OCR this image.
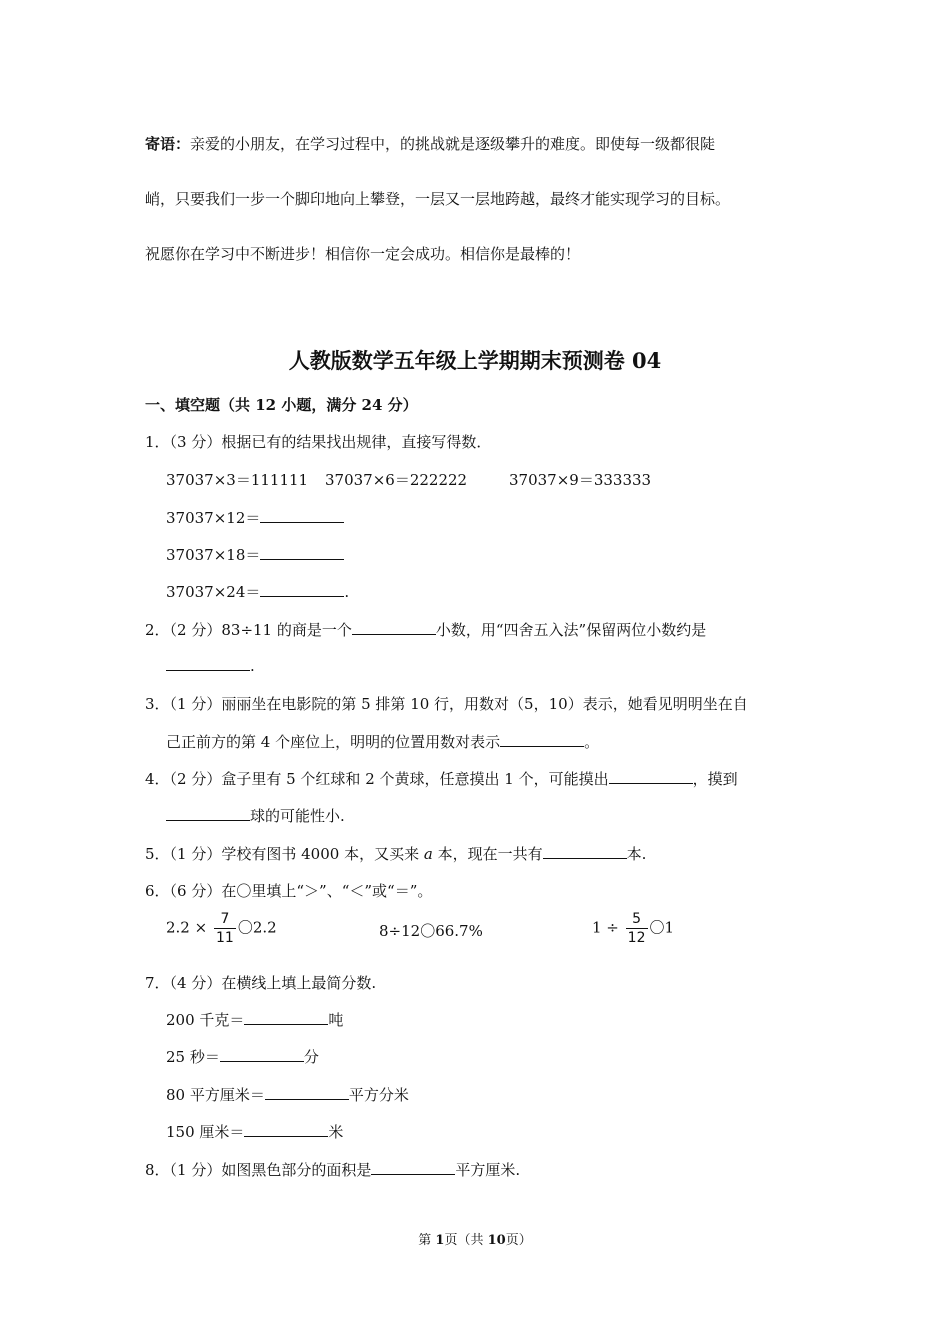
寄语：亲爱的小朋友，在学习过程中，的挑战就是逐级攀升的难度。即使每一级都很陡
峭，只要我们一步一个脚印地向上攀登，一层又一层地跨越，最终才能实现学习的目标。
祝愿你在学习中不断进步！相信你一定会成功。相信你是最棒的！
人教版数学五年级上学期期末预测卷 04
一、填空题（共 12 小题，满分 24 分）
1．（3 分）根据已有的结果找出规律，直接写得数．
37037×3＝111111 37037×6＝222222	37037×9＝333333
37037×12＝
37037×18＝
37037×24＝	.
2．（2 分）83÷11 的商是一个	小数，用“四舍五入法”保留两位小数约是
.
3．（1 分）丽丽坐在电影院的第 5 排第 10 行，用数对（5，10）表示，她看见明明坐在自
己正前方的第 4 个座位上，明明的位置用数对表示	。
4．（2 分）盒子里有 5 个红球和 2 个黄球，任意摸出 1 个，可能摸出	，摸到
球的可能性小.
5．（1 分）学校有图书 4000 本，又买来 a 本，现在一共有	本.
6．（6 分）在〇里填上“＞”、“＜”或“＝”。
$2.2 \times \frac{7}{11}$ 〇2.2	8÷12〇66.7%	$1 \div \frac{5}{12}$ 〇1
7．（4 分）在横线上填上最简分数.
200 千克＝	吨
25 秒＝	分
80 平方厘米＝	平方分米
150 厘米＝	米
8．（1 分）如图黑色部分的面积是	平方厘米.
第 1页（共 10页）
